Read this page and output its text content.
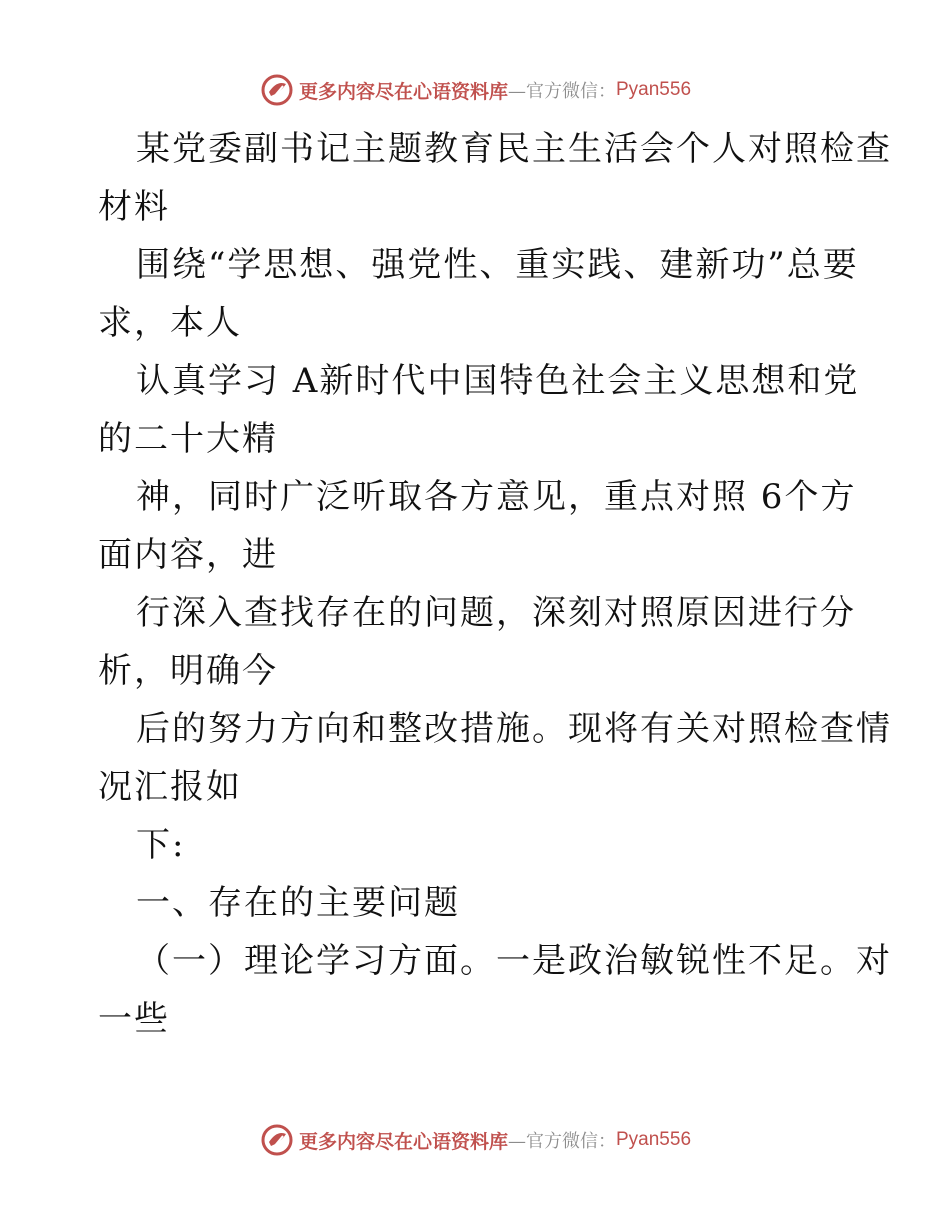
更多内容尽在心语资料库 —官方微信： Pyan556
某党委副书记主题教育民主生活会个人对照检查
材料
围绕“学思想、强党性、重实践、建新功”总要
求，本人
认真学习 A新时代中国特色社会主义思想和党
的二十大精
神，同时广泛听取各方意见，重点对照 6个方
面内容，进
行深入查找存在的问题，深刻对照原因进行分
析，明确今
后的努力方向和整改措施。现将有关对照检查情
况汇报如
下:
一、存在的主要问题
（一）理论学习方面。一是政治敏锐性不足。对
一些
更多内容尽在心语资料库 —官方微信： Pyan556
